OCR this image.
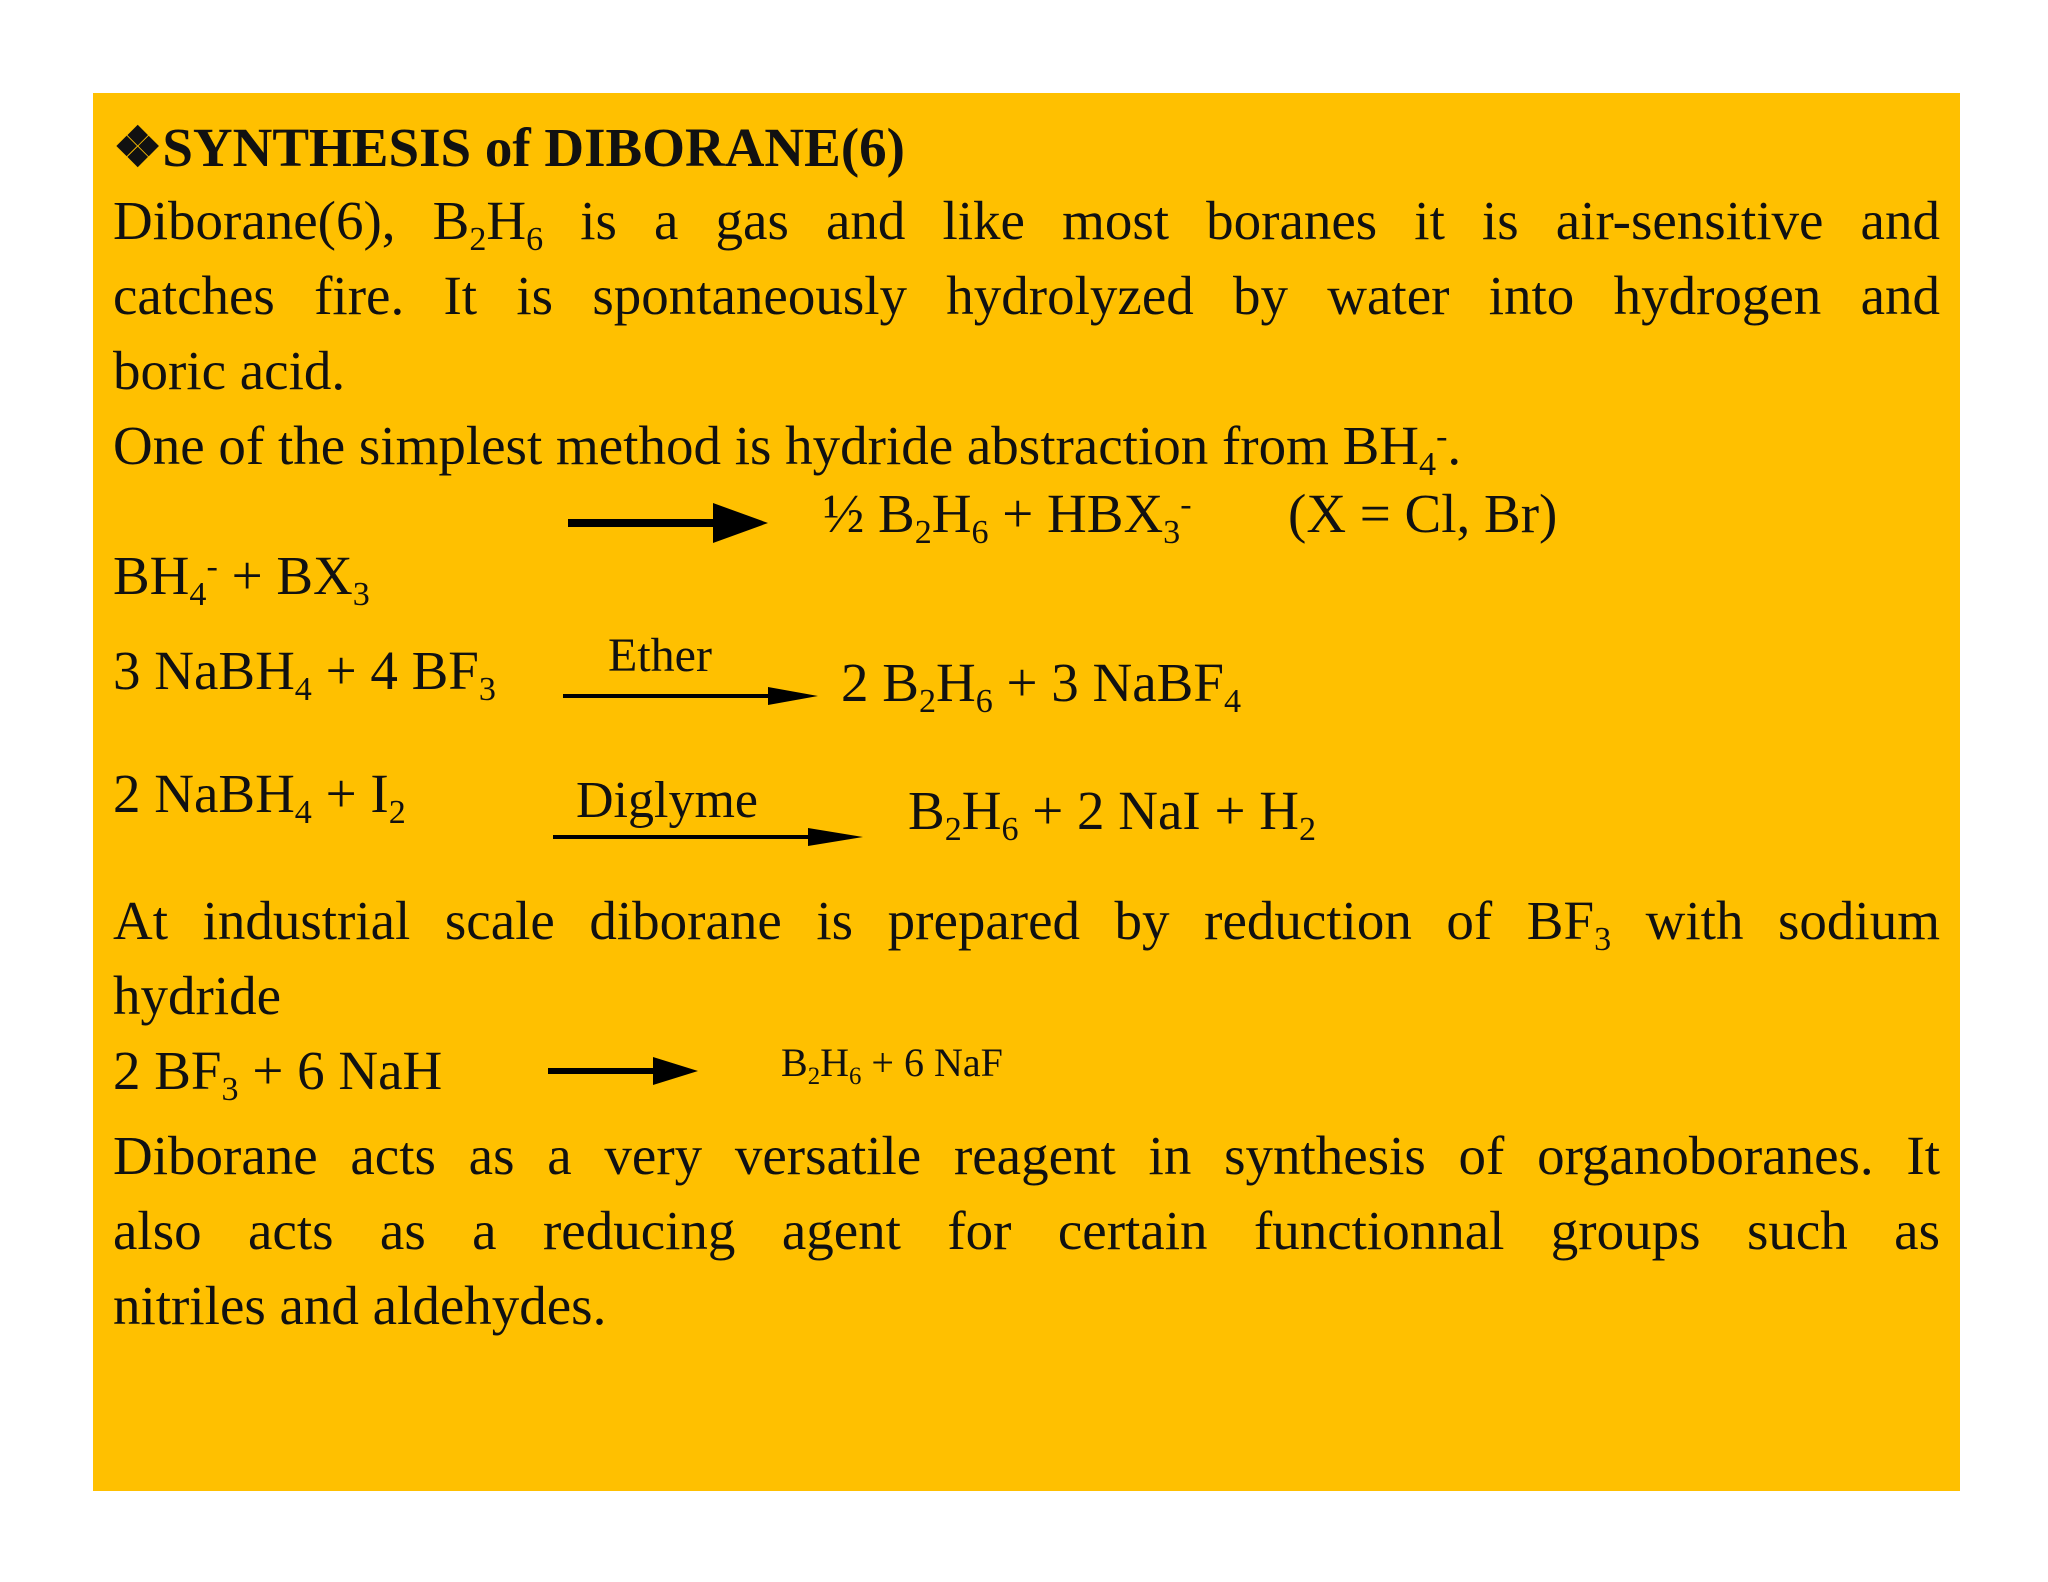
❖SYNTHESIS of DIBORANE(6)
Diborane(6), $B_2H_6$ is a gas and like most boranes it is air-sensitive and
catches fire. It is spontaneously hydrolyzed by water into hydrogen and
boric acid.
One of the simplest method is hydride abstraction from $BH_4^-$.
$BH_4^- + BX_3$
½ $B_2H_6 + HBX_3^-$ (X = Cl, Br)
3 NaBH$_4$ + 4 $BF_3$
Ether 2 $B_2H_6 + 3$ NaBF$_4$
2 NaBH$_4$ + $I_2$	Diglyme	$B_2H_6 + 2$ NaI + $H_2$
At industrial scale diborane is prepared by reduction of $BF_3$ with sodium
hydride
2 $BF_3 + 6$ NaH	$B_2H_6 + 6$ NaF
Diborane acts as a very versatile reagent in synthesis of organoboranes. It
also acts as a reducing agent for certain functionnal groups such as
nitriles and aldehydes.
